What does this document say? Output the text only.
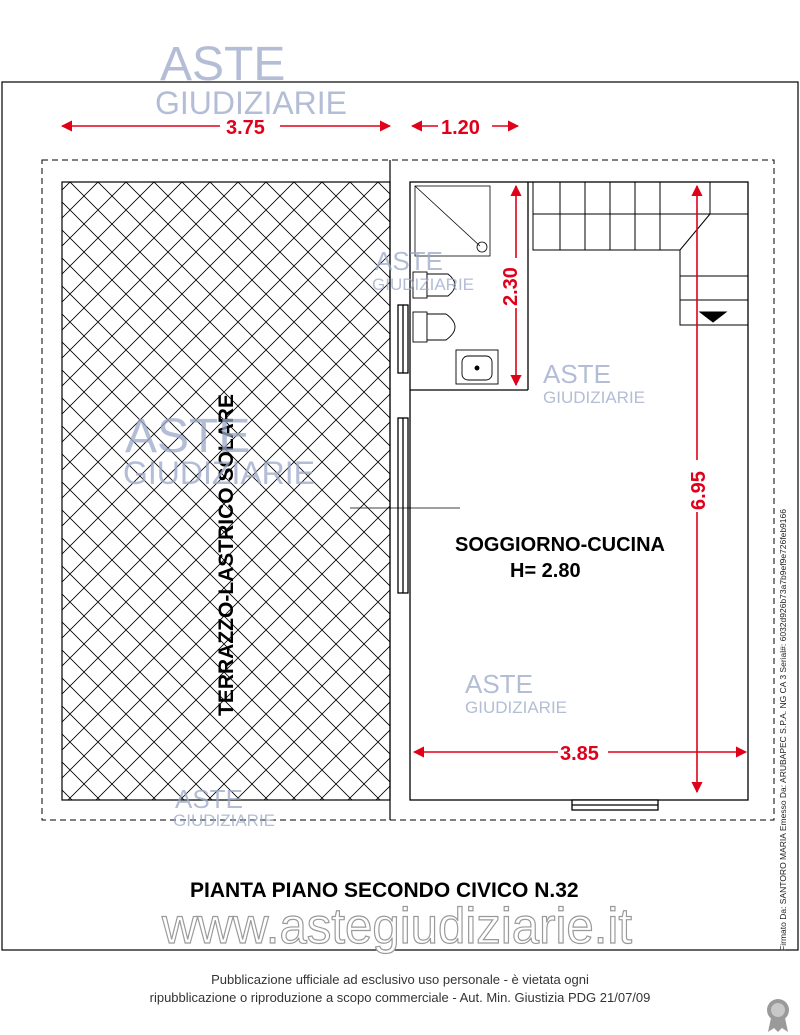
3.75	1.20
2.30
6.95
3.85
TERRAZZO-LASTRICO SOLARE	SOGGIORNO-CUCINA
H= 2.80
ASTE
GIUDIZIARIE
ASTE
GIUDIZIARIE
ASTE
GIUDIZIARIE
ASTE
GIUDIZIARIE
ASTE
GIUDIZIARIE
ASTE
GIUDIZIARIE
PIANTA PIANO SECONDO CIVICO N.32
www.astegiudiziarie.it	Firmato Da: SANTORO MARIA Emesso Da: ARUBAPEC S.P.A. NG CA 3 Serial#: 6032d926b73a7b9ef9e726feb9166
Pubblicazione ufficiale ad esclusivo uso personale - è vietata ogni
ripubblicazione o riproduzione a scopo commerciale - Aut. Min. Giustizia PDG 21/07/09
